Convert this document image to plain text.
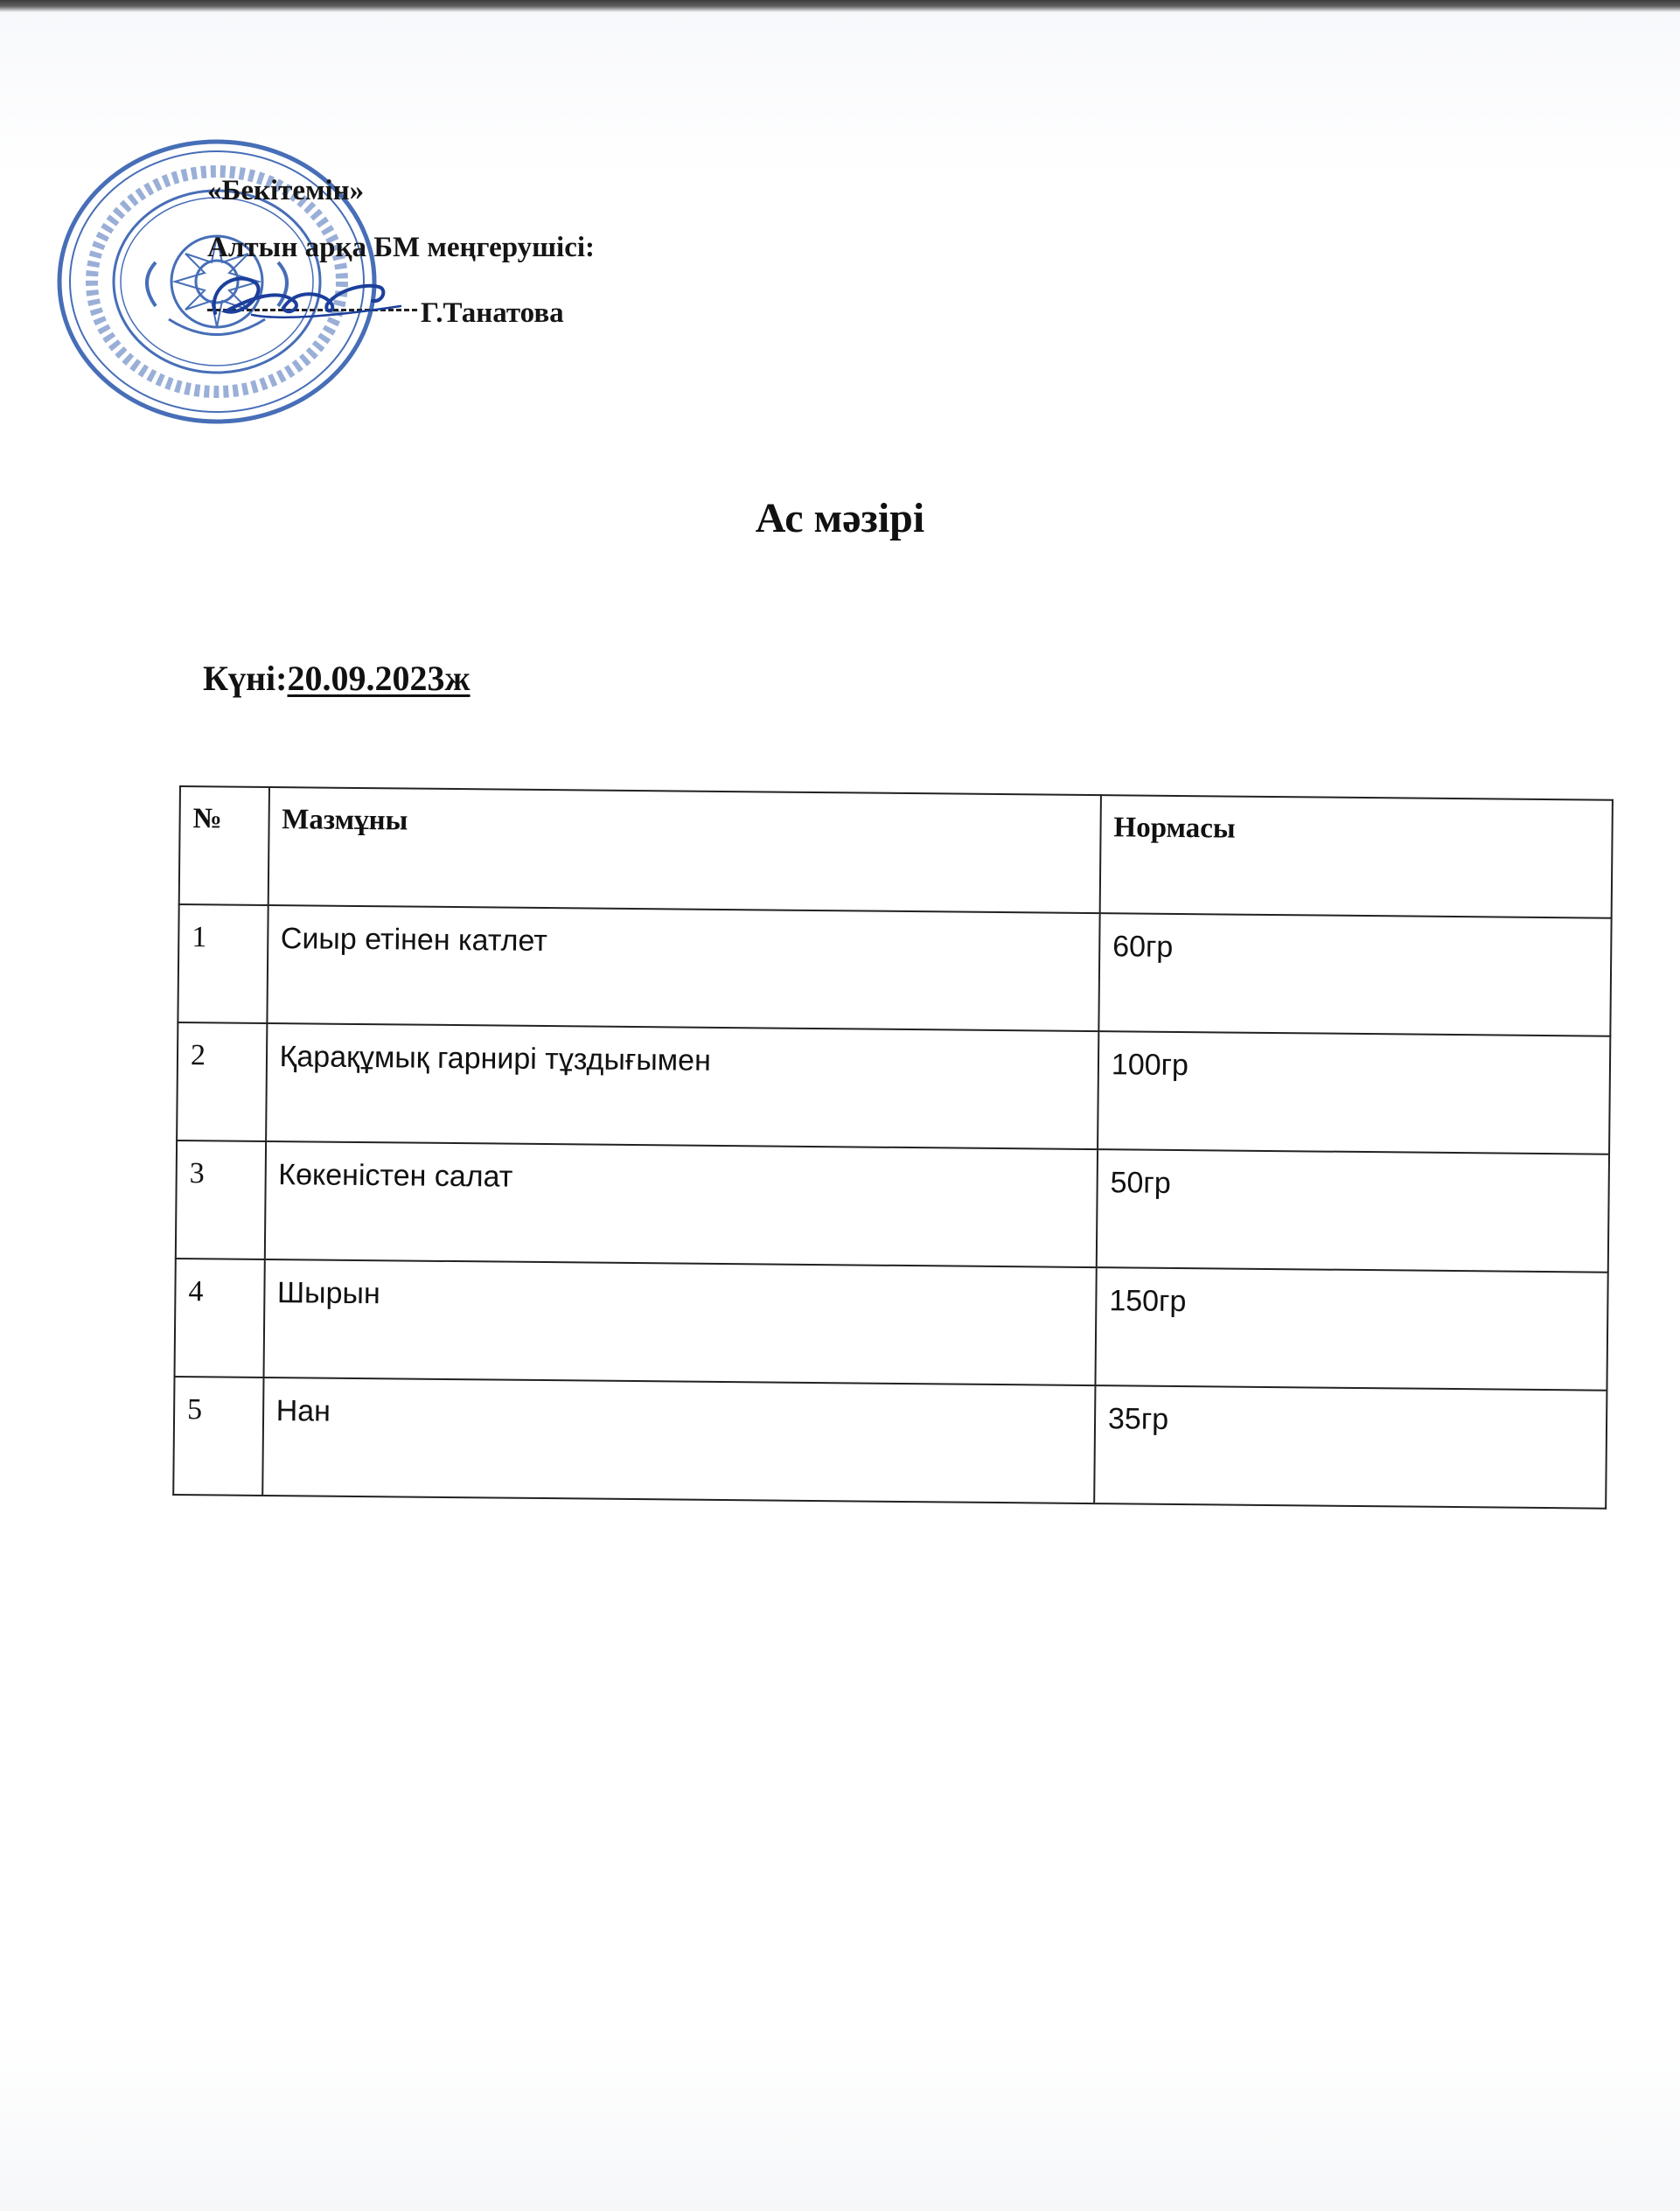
«Бекітемін»
Алтын арқа БМ меңгерушісі:
Г.Танатова
Ас мәзірі
Күні:20.09.2023ж
№	Мазмұны	Нормасы
1	Сиыр етінен катлет	60гр
2	Қарақұмық гарнирі тұздығымен	100гр
3	Көкеністен салат	50гр
4	Шырын	150гр
5	Нан	35гр
